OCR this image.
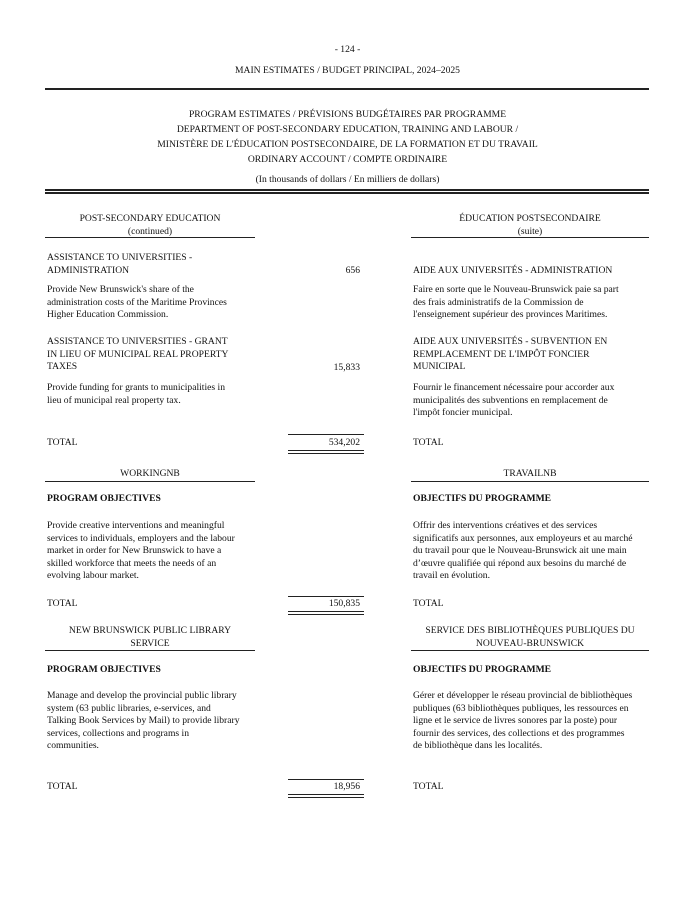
- 124 -
MAIN ESTIMATES / BUDGET PRINCIPAL, 2024–2025
PROGRAM ESTIMATES / PRÉVISIONS BUDGÉTAIRES PAR PROGRAMME
DEPARTMENT OF POST-SECONDARY EDUCATION, TRAINING AND LABOUR /
MINISTÈRE DE L'ÉDUCATION POSTSECONDAIRE, DE LA FORMATION ET DU TRAVAIL
ORDINARY ACCOUNT / COMPTE ORDINAIRE
(In thousands of dollars / En milliers de dollars)
POST-SECONDARY EDUCATION
(continued)
ÉDUCATION POSTSECONDAIRE
(suite)
ASSISTANCE TO UNIVERSITIES -
ADMINISTRATION	656	AIDE AUX UNIVERSITÉS - ADMINISTRATION
Provide New Brunswick's share of the
administration costs of the Maritime Provinces
Higher Education Commission.
Faire en sorte que le Nouveau-Brunswick paie sa part
des frais administratifs de la Commission de
l'enseignement supérieur des provinces Maritimes.
ASSISTANCE TO UNIVERSITIES - GRANT
IN LIEU OF MUNICIPAL REAL PROPERTY
TAXES	15,833
AIDE AUX UNIVERSITÉS - SUBVENTION EN
REMPLACEMENT DE L'IMPÔT FONCIER
MUNICIPAL
Provide funding for grants to municipalities in
lieu of municipal real property tax.
Fournir le financement nécessaire pour accorder aux
municipalités des subventions en remplacement de
l'impôt foncier municipal.
TOTAL	534,202	TOTAL
WORKINGNB	TRAVAILNB
PROGRAM OBJECTIVES	OBJECTIFS DU PROGRAMME
Provide creative interventions and meaningful
services to individuals, employers and the labour
market in order for New Brunswick to have a
skilled workforce that meets the needs of an
evolving labour market.
Offrir des interventions créatives et des services
significatifs aux personnes, aux employeurs et au marché
du travail pour que le Nouveau-Brunswick ait une main
d’œuvre qualifiée qui répond aux besoins du marché de
travail en évolution.
TOTAL	150,835	TOTAL
NEW BRUNSWICK PUBLIC LIBRARY
SERVICE
SERVICE DES BIBLIOTHÈQUES PUBLIQUES DU
NOUVEAU-BRUNSWICK
PROGRAM OBJECTIVES	OBJECTIFS DU PROGRAMME
Manage and develop the provincial public library
system (63 public libraries, e-services, and
Talking Book Services by Mail) to provide library
services, collections and programs in
communities.
Gérer et développer le réseau provincial de bibliothèques
publiques (63 bibliothèques publiques, les ressources en
ligne et le service de livres sonores par la poste) pour
fournir des services, des collections et des programmes
de bibliothèque dans les localités.
TOTAL	18,956	TOTAL
